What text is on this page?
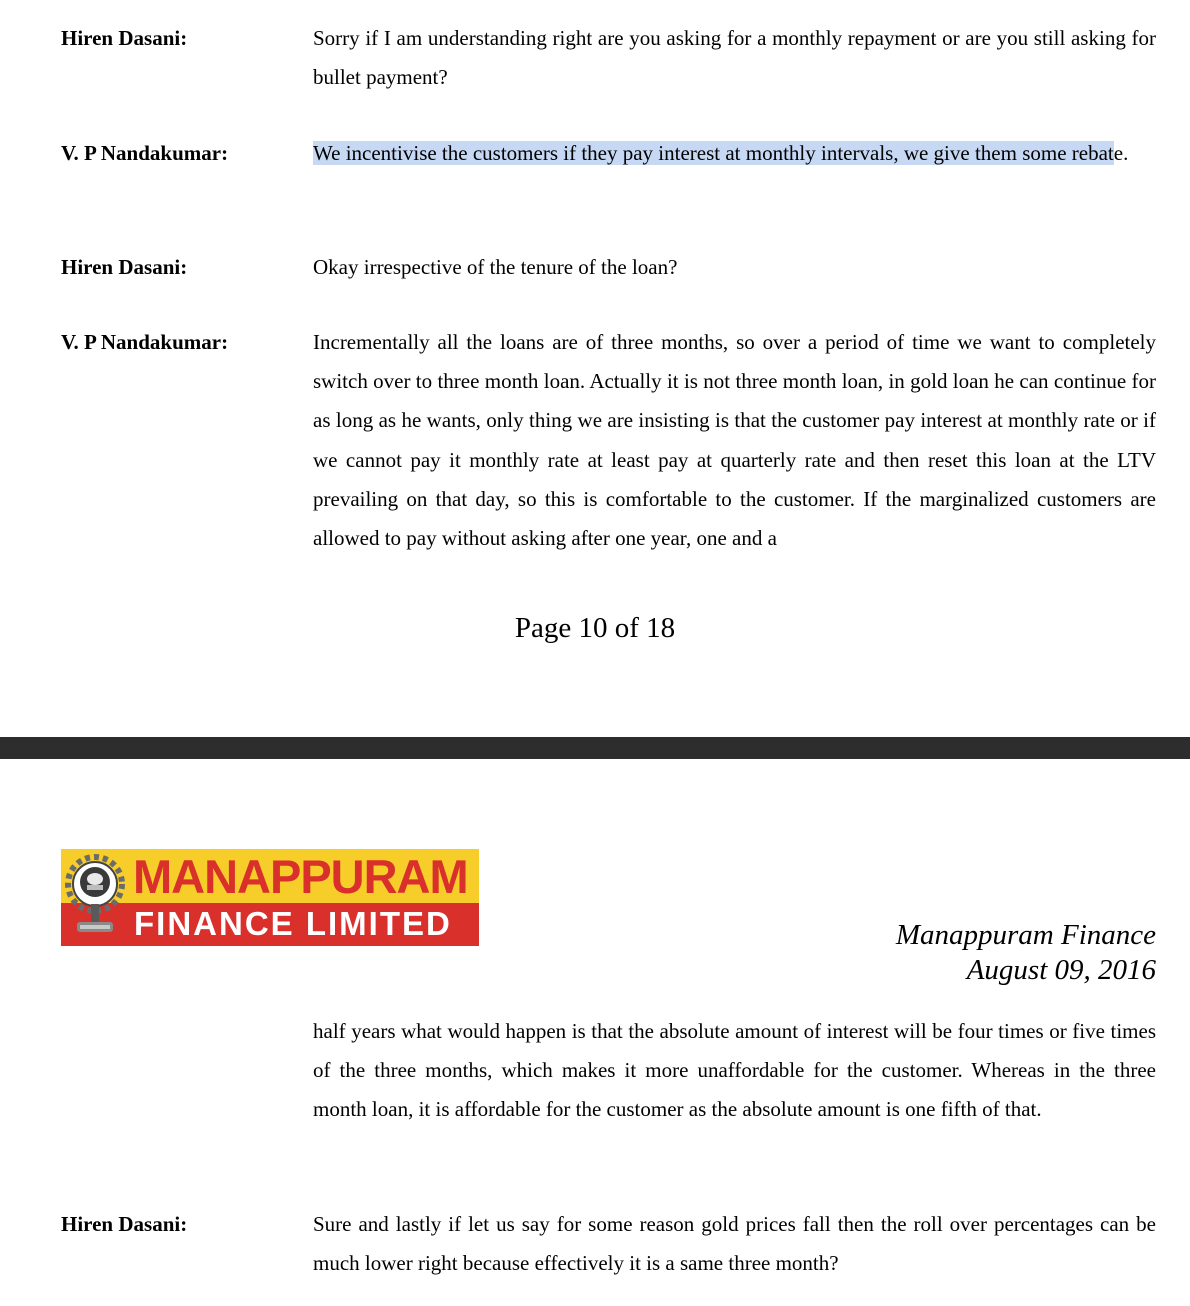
Hiren Dasani:	Sorry if I am understanding right are you asking for a monthly repayment or are you still asking for bullet payment?

V. P Nandakumar:	We incentivise the customers if they pay interest at monthly intervals, we give them some rebate.

Hiren Dasani:	Okay irrespective of the tenure of the loan?

V. P Nandakumar:	Incrementally all the loans are of three months, so over a period of time we want to completely switch over to three month loan. Actually it is not three month loan, in gold loan he can continue for as long as he wants, only thing we are insisting is that the customer pay interest at monthly rate or if we cannot pay it monthly rate at least pay at quarterly rate and then reset this loan at the LTV prevailing on that day, so this is comfortable to the customer. If the marginalized customers are allowed to pay without asking after one year, one and a

Page 10 of 18
MANAPPURAM
FINANCE LIMITED	Manappuram Finance
August 09, 2016

half years what would happen is that the absolute amount of interest will be four times or five times of the three months, which makes it more unaffordable for the customer. Whereas in the three month loan, it is affordable for the customer as the absolute amount is one fifth of that.

Hiren Dasani:	Sure and lastly if let us say for some reason gold prices fall then the roll over percentages can be much lower right because effectively it is a same three month?
